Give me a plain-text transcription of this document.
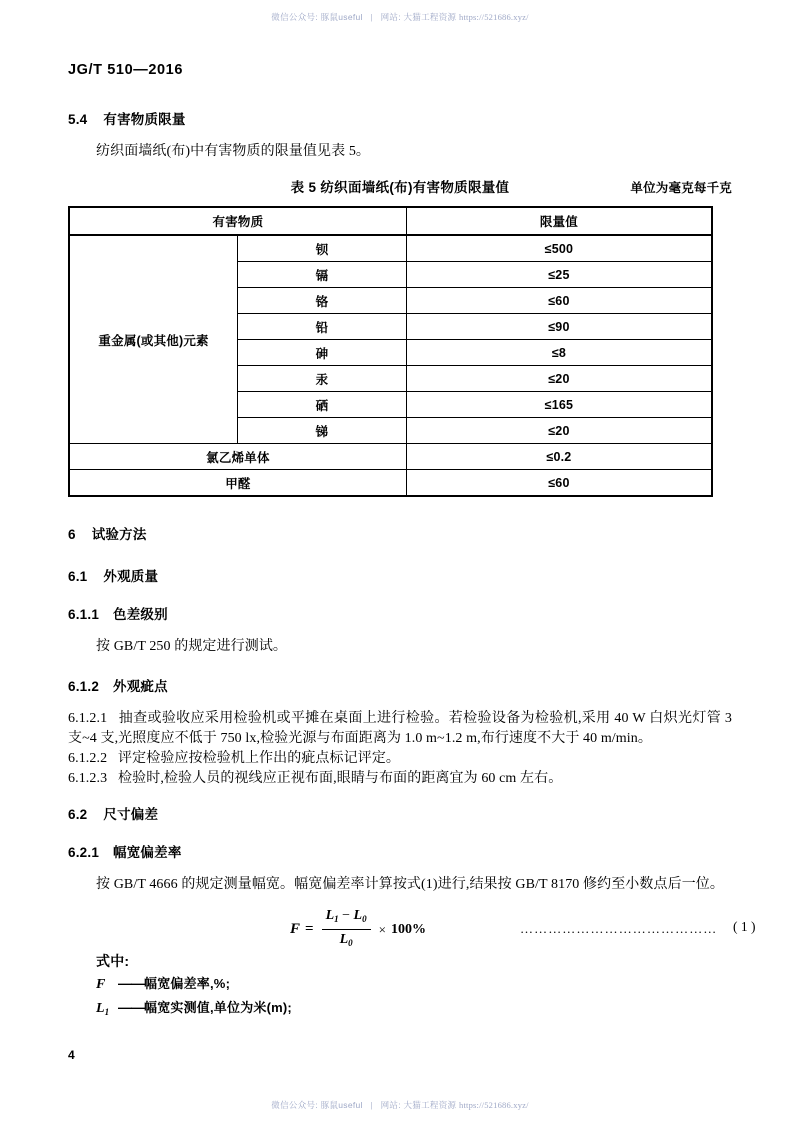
微信公众号: 豚鼠useful | 网站: 大猫工程资源 https://521686.xyz/
JG/T 510—2016
5.4 有害物质限量

纺织面墙纸(布)中有害物质的限量值见表 5。

表 5 纺织面墙纸(布)有害物质限量值	单位为毫克每千克
有害物质		限量值
重金属(或其他)元素	钡	≤500
	镉	≤25
	铬	≤60
	铅	≤90
	砷	≤8
	汞	≤20
	硒	≤165
	锑	≤20
氯乙烯单体		≤0.2
甲醛		≤60
6 试验方法
6.1 外观质量
6.1.1 色差级别

按 GB/T 250 的规定进行测试。

6.1.2 外观疵点

6.1.2.1 抽查或验收应采用检验机或平摊在桌面上进行检验。若检验设备为检验机,采用 40 W 白炽光灯管 3 支~4 支,光照度应不低于 750 lx,检验光源与布面距离为 1.0 m~1.2 m,布行速度不大于 40 m/min。

6.1.2.2 评定检验应按检验机上作出的疵点标记评定。

6.1.2.3 检验时,检验人员的视线应正视布面,眼睛与布面的距离宜为 60 cm 左右。

6.2 尺寸偏差
6.2.1 幅宽偏差率

按 GB/T 4666 的规定测量幅宽。幅宽偏差率计算按式(1)进行,结果按 GB/T 8170 修约至小数点后一位。

$F = \frac{L_1 - L_0}{L_0} \times 100\%$	…………………………………… ( 1 )

式中:

F ——幅宽偏差率,%;

$L_1$ ——幅宽实测值,单位为米(m);

4
微信公众号: 豚鼠useful | 网站: 大猫工程资源 https://521686.xyz/
